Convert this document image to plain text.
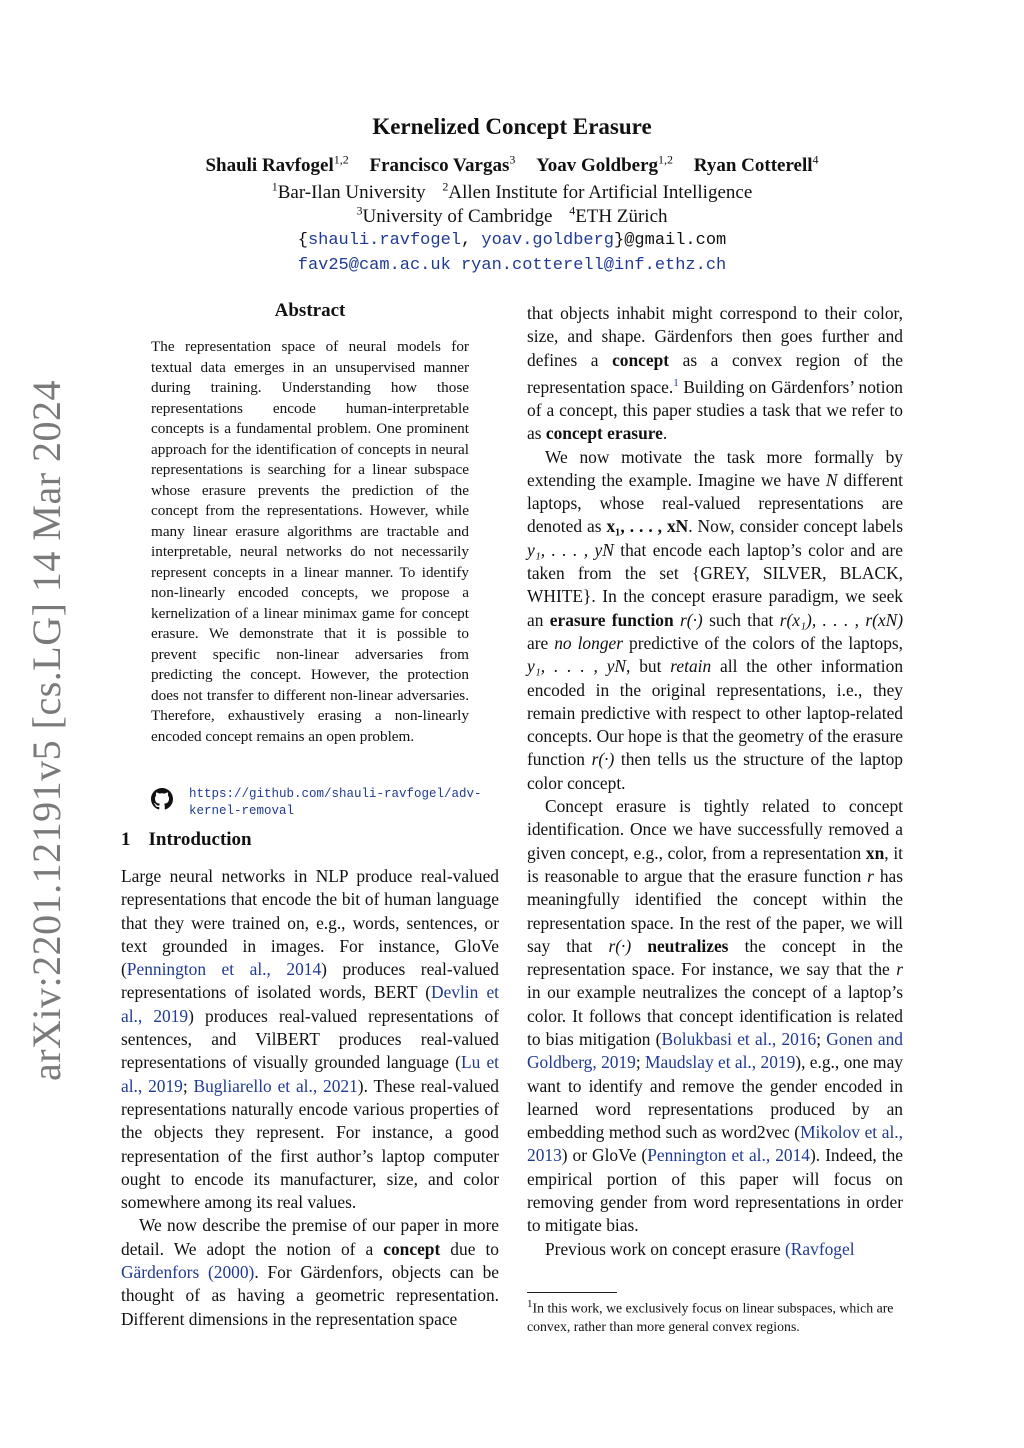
arXiv:2201.12191v5 [cs.LG] 14 Mar 2024
Kernelized Concept Erasure
Shauli Ravfogel$^{1,2}$ Francisco Vargas$^3$ Yoav Goldberg$^{1,2}$ Ryan Cotterell$^4$
$^1$Bar-Ilan University $^2$Allen Institute for Artificial Intelligence
$^3$University of Cambridge $^4$ETH Zürich
{shauli.ravfogel, yoav.goldberg}@gmail.com
fav25@cam.ac.uk ryan.cotterell@inf.ethz.ch
Abstract

The representation space of neural models for textual data emerges in an unsupervised manner during training. Understanding how those representations encode human-interpretable concepts is a fundamental problem. One prominent approach for the identification of concepts in neural representations is searching for a linear subspace whose erasure prevents the prediction of the concept from the representations. However, while many linear erasure algorithms are tractable and interpretable, neural networks do not necessarily represent concepts in a linear manner. To identify non-linearly encoded concepts, we propose a kernelization of a linear minimax game for concept erasure. We demonstrate that it is possible to prevent specific non-linear adversaries from predicting the concept. However, the protection does not transfer to different non-linear adversaries. Therefore, exhaustively erasing a non-linearly encoded concept remains an open problem.

https://github.com/shauli-ravfogel/adv-kernel-removal
1 Introduction

Large neural networks in NLP produce real-valued representations that encode the bit of human language that they were trained on, e.g., words, sentences, or text grounded in images. For instance, GloVe (Pennington et al., 2014) produces real-valued representations of isolated words, BERT (Devlin et al., 2019) produces real-valued representations of sentences, and VilBERT produces real-valued representations of visually grounded language (Lu et al., 2019; Bugliarello et al., 2021). These real-valued representations naturally encode various properties of the objects they represent. For instance, a good representation of the first author’s laptop computer ought to encode its manufacturer, size, and color somewhere among its real values.

We now describe the premise of our paper in more detail. We adopt the notion of a concept due to Gärdenfors (2000). For Gärdenfors, objects can be thought of as having a geometric representation. Different dimensions in the representation space

that objects inhabit might correspond to their color, size, and shape. Gärdenfors then goes further and defines a concept as a convex region of the representation space.$^1$ Building on Gärdenfors’ notion of a concept, this paper studies a task that we refer to as concept erasure.

We now motivate the task more formally by extending the example. Imagine we have N different laptops, whose real-valued representations are denoted as x₁, . . . , xN. Now, consider concept labels y₁, . . . , yN that encode each laptop’s color and are taken from the set {GREY, SILVER, BLACK, WHITE}. In the concept erasure paradigm, we seek an erasure function r(·) such that r(x₁), . . . , r(xN) are no longer predictive of the colors of the laptops, y₁, . . . , yN, but retain all the other information encoded in the original representations, i.e., they remain predictive with respect to other laptop-related concepts. Our hope is that the geometry of the erasure function r(·) then tells us the structure of the laptop color concept.

Concept erasure is tightly related to concept identification. Once we have successfully removed a given concept, e.g., color, from a representation xn, it is reasonable to argue that the erasure function r has meaningfully identified the concept within the representation space. In the rest of the paper, we will say that r(·) neutralizes the concept in the representation space. For instance, we say that the r in our example neutralizes the concept of a laptop’s color. It follows that concept identification is related to bias mitigation (Bolukbasi et al., 2016; Gonen and Goldberg, 2019; Maudslay et al., 2019), e.g., one may want to identify and remove the gender encoded in learned word representations produced by an embedding method such as word2vec (Mikolov et al., 2013) or GloVe (Pennington et al., 2014). Indeed, the empirical portion of this paper will focus on removing gender from word representations in order to mitigate bias.

Previous work on concept erasure (Ravfogel

$^1$In this work, we exclusively focus on linear subspaces, which are convex, rather than more general convex regions.
